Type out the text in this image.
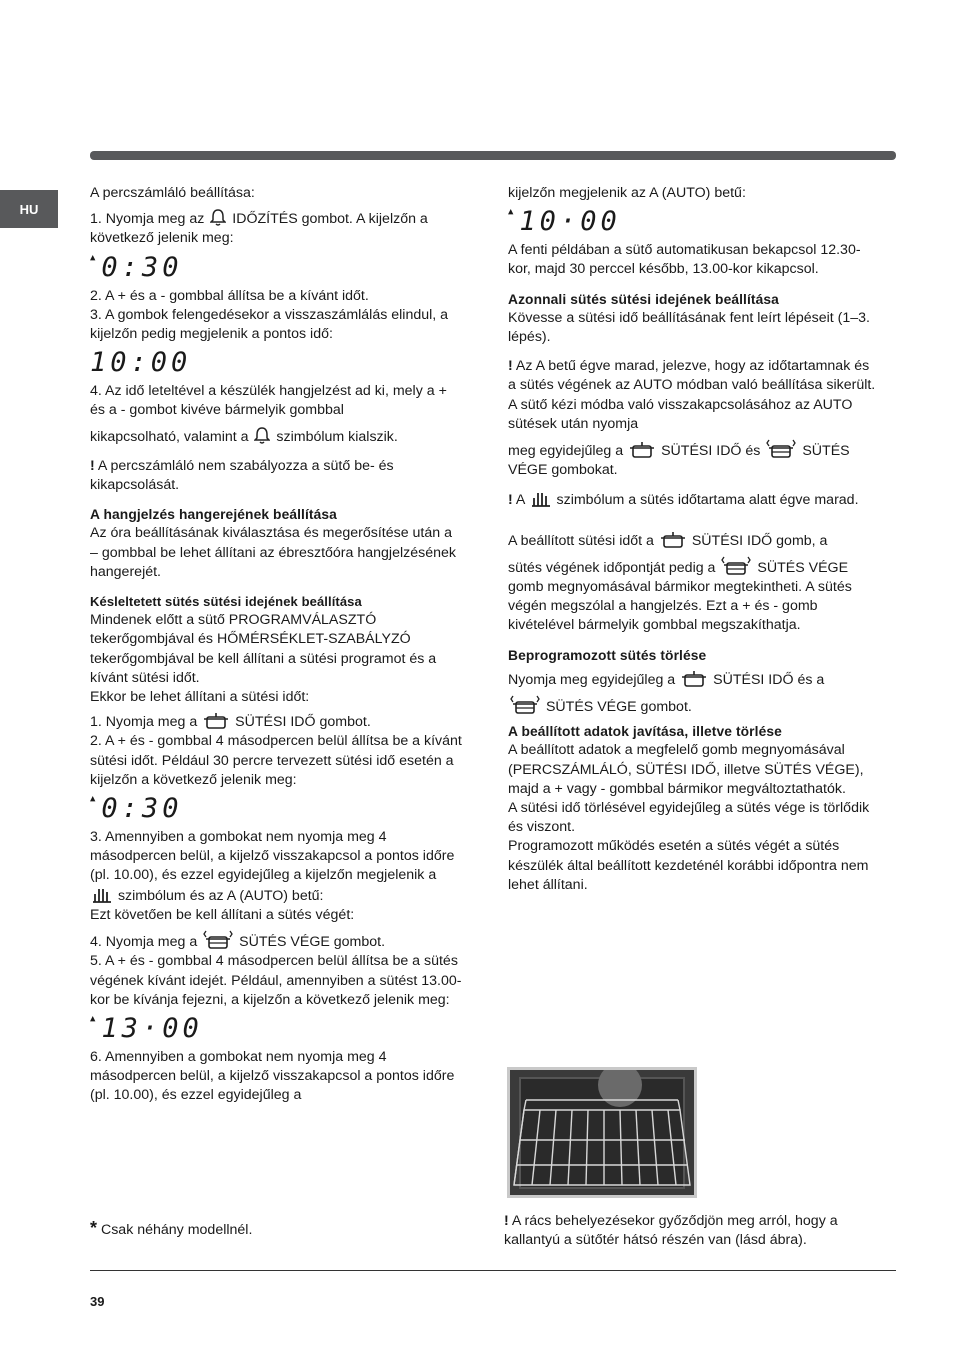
HU

A percszámláló beállítása:

1. Nyomja meg az IDŐZÍTÉS gombot. A kijelzőn a következő jelenik meg:

▲ 0:30

2. A + és a - gombbal állítsa be a kívánt időt.

3. A gombok felengedésekor a visszaszámlálás elindul, a kijelzőn pedig megjelenik a pontos idő:

10:00

4. Az idő leteltével a készülék hangjelzést ad ki, mely a + és a - gombot kivéve bármelyik gombbal

kikapcsolható, valamint a szimbólum kialszik.

! A percszámláló nem szabályozza a sütő be- és kikapcsolását.

A hangjelzés hangerejének beállítása

Az óra beállításának kiválasztása és megerősítése után a – gombbal be lehet állítani az ébresztőóra hangjelzésének hangerejét.

Késleltetett sütés sütési idejének beállítása

Mindenek előtt a sütő PROGRAMVÁLASZTÓ tekerőgombjával és HŐMÉRSÉKLET-SZABÁLYZÓ tekerőgombjával be kell állítani a sütési programot és a kívánt sütési időt.

Ekkor be lehet állítani a sütési időt:

1. Nyomja meg a	SÜTÉSI IDŐ gombot.

2. A + és - gombbal 4 másodpercen belül állítsa be a kívánt sütési időt. Például 30 percre tervezett sütési idő esetén a kijelzőn a következő jelenik meg:

▲ 0:30

3. Amennyiben a gombokat nem nyomja meg 4 másodpercen belül, a kijelző visszakapcsol a pontos időre (pl. 10.00), és ezzel egyidejűleg a kijelzőn megjelenik a
szimbólum és az A (AUTO) betű:

Ezt követően be kell állítani a sütés végét:

4. Nyomja meg a	SÜTÉS VÉGE gombot.

5. A + és - gombbal 4 másodpercen belül állítsa be a sütés végének kívánt idejét. Például, amennyiben a sütést 13.00-kor be kívánja fejezni, a kijelzőn a következő jelenik meg:

▲ 13·00

6. Amennyiben a gombokat nem nyomja meg 4 másodpercen belül, a kijelző visszakapcsol a pontos időre (pl. 10.00), és ezzel egyidejűleg a

kijelzőn megjelenik az A (AUTO) betű:

▲ 10·00

A fenti példában a sütő automatikusan bekapcsol 12.30-kor, majd 30 perccel később, 13.00-kor kikapcsol.

Azonnali sütés sütési idejének beállítása

Kövesse a sütési idő beállításának fent leírt lépéseit (1–3. lépés).

! Az A betű égve marad, jelezve, hogy az időtartamnak és a sütés végének az AUTO módban való beállítása sikerült. A sütő kézi módba való visszakapcsolásához az AUTO sütések után nyomja

meg egyidejűleg a	SÜTÉSI IDŐ és	SÜTÉS VÉGE gombokat.

! A szimbólum a sütés időtartama alatt égve marad.

A beállított sütési időt a	SÜTÉSI IDŐ gomb, a

sütés végének időpontját pedig a	SÜTÉS VÉGE gomb megnyomásával bármikor megtekintheti. A sütés végén megszólal a hangjelzés. Ezt a + és - gomb kivételével bármelyik gombbal megszakíthatja.

Beprogramozott sütés törlése

Nyomja meg egyidejűleg a	SÜTÉSI IDŐ és a

SÜTÉS VÉGE gombot.

A beállított adatok javítása, illetve törlése

A beállított adatok a megfelelő gomb megnyomásával (PERCSZÁMLÁLÓ, SÜTÉSI IDŐ, illetve SÜTÉS VÉGE), majd a + vagy - gombbal bármikor megváltoztathatók.

A sütési idő törlésével egyidejűleg a sütés vége is törlődik és viszont.

Programozott működés esetén a sütés végét a sütés készülék által beállított kezdeténél korábbi időpontra nem lehet állítani.

! A rács behelyezésekor győződjön meg arról, hogy a kallantyú a sütőtér hátsó részén van (lásd ábra).

* Csak néhány modellnél.

39
